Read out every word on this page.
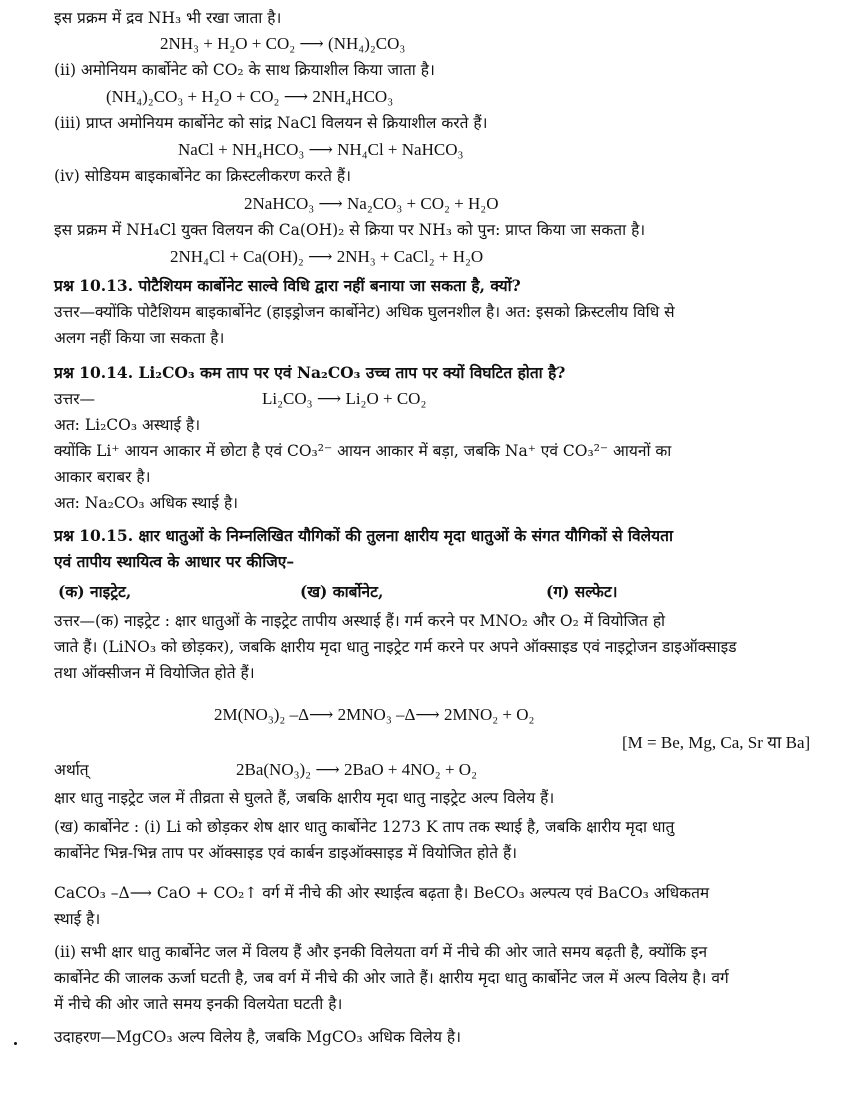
इस प्रक्रम में द्रव NH₃ भी रखा जाता है।
2NH₃ + H₂O + CO₂ ⟶ (NH₄)₂CO₃
(ii) अमोनियम कार्बोनेट को CO₂ के साथ क्रियाशील किया जाता है।
(NH₄)₂CO₃ + H₂O + CO₂ ⟶ 2NH₄HCO₃
(iii) प्राप्त अमोनियम कार्बोनेट को सांद्र NaCl विलयन से क्रियाशील करते हैं।
NaCl + NH₄HCO₃ ⟶ NH₄Cl + NaHCO₃
(iv) सोडियम बाइकार्बोनेट का क्रिस्टलीकरण करते हैं।
2NaHCO₃ ⟶ Na₂CO₃ + CO₂ + H₂O
इस प्रक्रम में NH₄Cl युक्त विलयन की Ca(OH)₂ से क्रिया पर NH₃ को पुन: प्राप्त किया जा सकता है।
2NH₄Cl + Ca(OH)₂ ⟶ 2NH₃ + CaCl₂ + H₂O
प्रश्न 10.13. पोटैशियम कार्बोनेट साल्वे विधि द्वारा नहीं बनाया जा सकता है, क्यों?
उत्तर—क्योंकि पोटैशियम बाइकार्बोनेट (हाइड्रोजन कार्बोनेट) अधिक घुलनशील है। अत: इसको क्रिस्टलीय विधि से
अलग नहीं किया जा सकता है।
प्रश्न 10.14. Li₂CO₃ कम ताप पर एवं Na₂CO₃ उच्च ताप पर क्यों विघटित होता है?
उत्तर—	Li₂CO₃ ⟶ Li₂O + CO₂
अत: Li₂CO₃ अस्थाई है।
क्योंकि Li⁺ आयन आकार में छोटा है एवं CO₃²⁻ आयन आकार में बड़ा, जबकि Na⁺ एवं CO₃²⁻ आयनों का
आकार बराबर है।
अत: Na₂CO₃ अधिक स्थाई है।
प्रश्न 10.15. क्षार धातुओं के निम्नलिखित यौगिकों की तुलना क्षारीय मृदा धातुओं के संगत यौगिकों से विलेयता
एवं तापीय स्थायित्व के आधार पर कीजिए–
(क) नाइट्रेट,	(ख) कार्बोनेट,	(ग) सल्फेट।
उत्तर—(क) नाइट्रेट : क्षार धातुओं के नाइट्रेट तापीय अस्थाई हैं। गर्म करने पर MNO₂ और O₂ में वियोजित हो
जाते हैं। (LiNO₃ को छोड़कर), जबकि क्षारीय मृदा धातु नाइट्रेट गर्म करने पर अपने ऑक्साइड एवं नाइट्रोजन डाइऑक्साइड
तथा ऑक्सीजन में वियोजित होते हैं।
2M(NO₃)₂ –Δ⟶ 2MNO₃ –Δ⟶ 2MNO₂ + O₂
[M = Be, Mg, Ca, Sr या Ba]
अर्थात्	2Ba(NO₃)₂ ⟶ 2BaO + 4NO₂ + O₂
क्षार धातु नाइट्रेट जल में तीव्रता से घुलते हैं, जबकि क्षारीय मृदा धातु नाइट्रेट अल्प विलेय हैं।
(ख) कार्बोनेट : (i) Li को छोड़कर शेष क्षार धातु कार्बोनेट 1273 K ताप तक स्थाई है, जबकि क्षारीय मृदा धातु
कार्बोनेट भिन्न-भिन्न ताप पर ऑक्साइड एवं कार्बन डाइऑक्साइड में वियोजित होते हैं।
CaCO₃ –Δ⟶ CaO + CO₂↑ वर्ग में नीचे की ओर स्थाईत्व बढ़ता है। BeCO₃ अल्पत्य एवं BaCO₃ अधिकतम
स्थाई है।
(ii) सभी क्षार धातु कार्बोनेट जल में विलय हैं और इनकी विलेयता वर्ग में नीचे की ओर जाते समय बढ़ती है, क्योंकि इन
कार्बोनेट की जालक ऊर्जा घटती है, जब वर्ग में नीचे की ओर जाते हैं। क्षारीय मृदा धातु कार्बोनेट जल में अल्प विलेय है। वर्ग
में नीचे की ओर जाते समय इनकी विलयेता घटती है।
उदाहरण—MgCO₃ अल्प विलेय है, जबकि MgCO₃ अधिक विलेय है।
